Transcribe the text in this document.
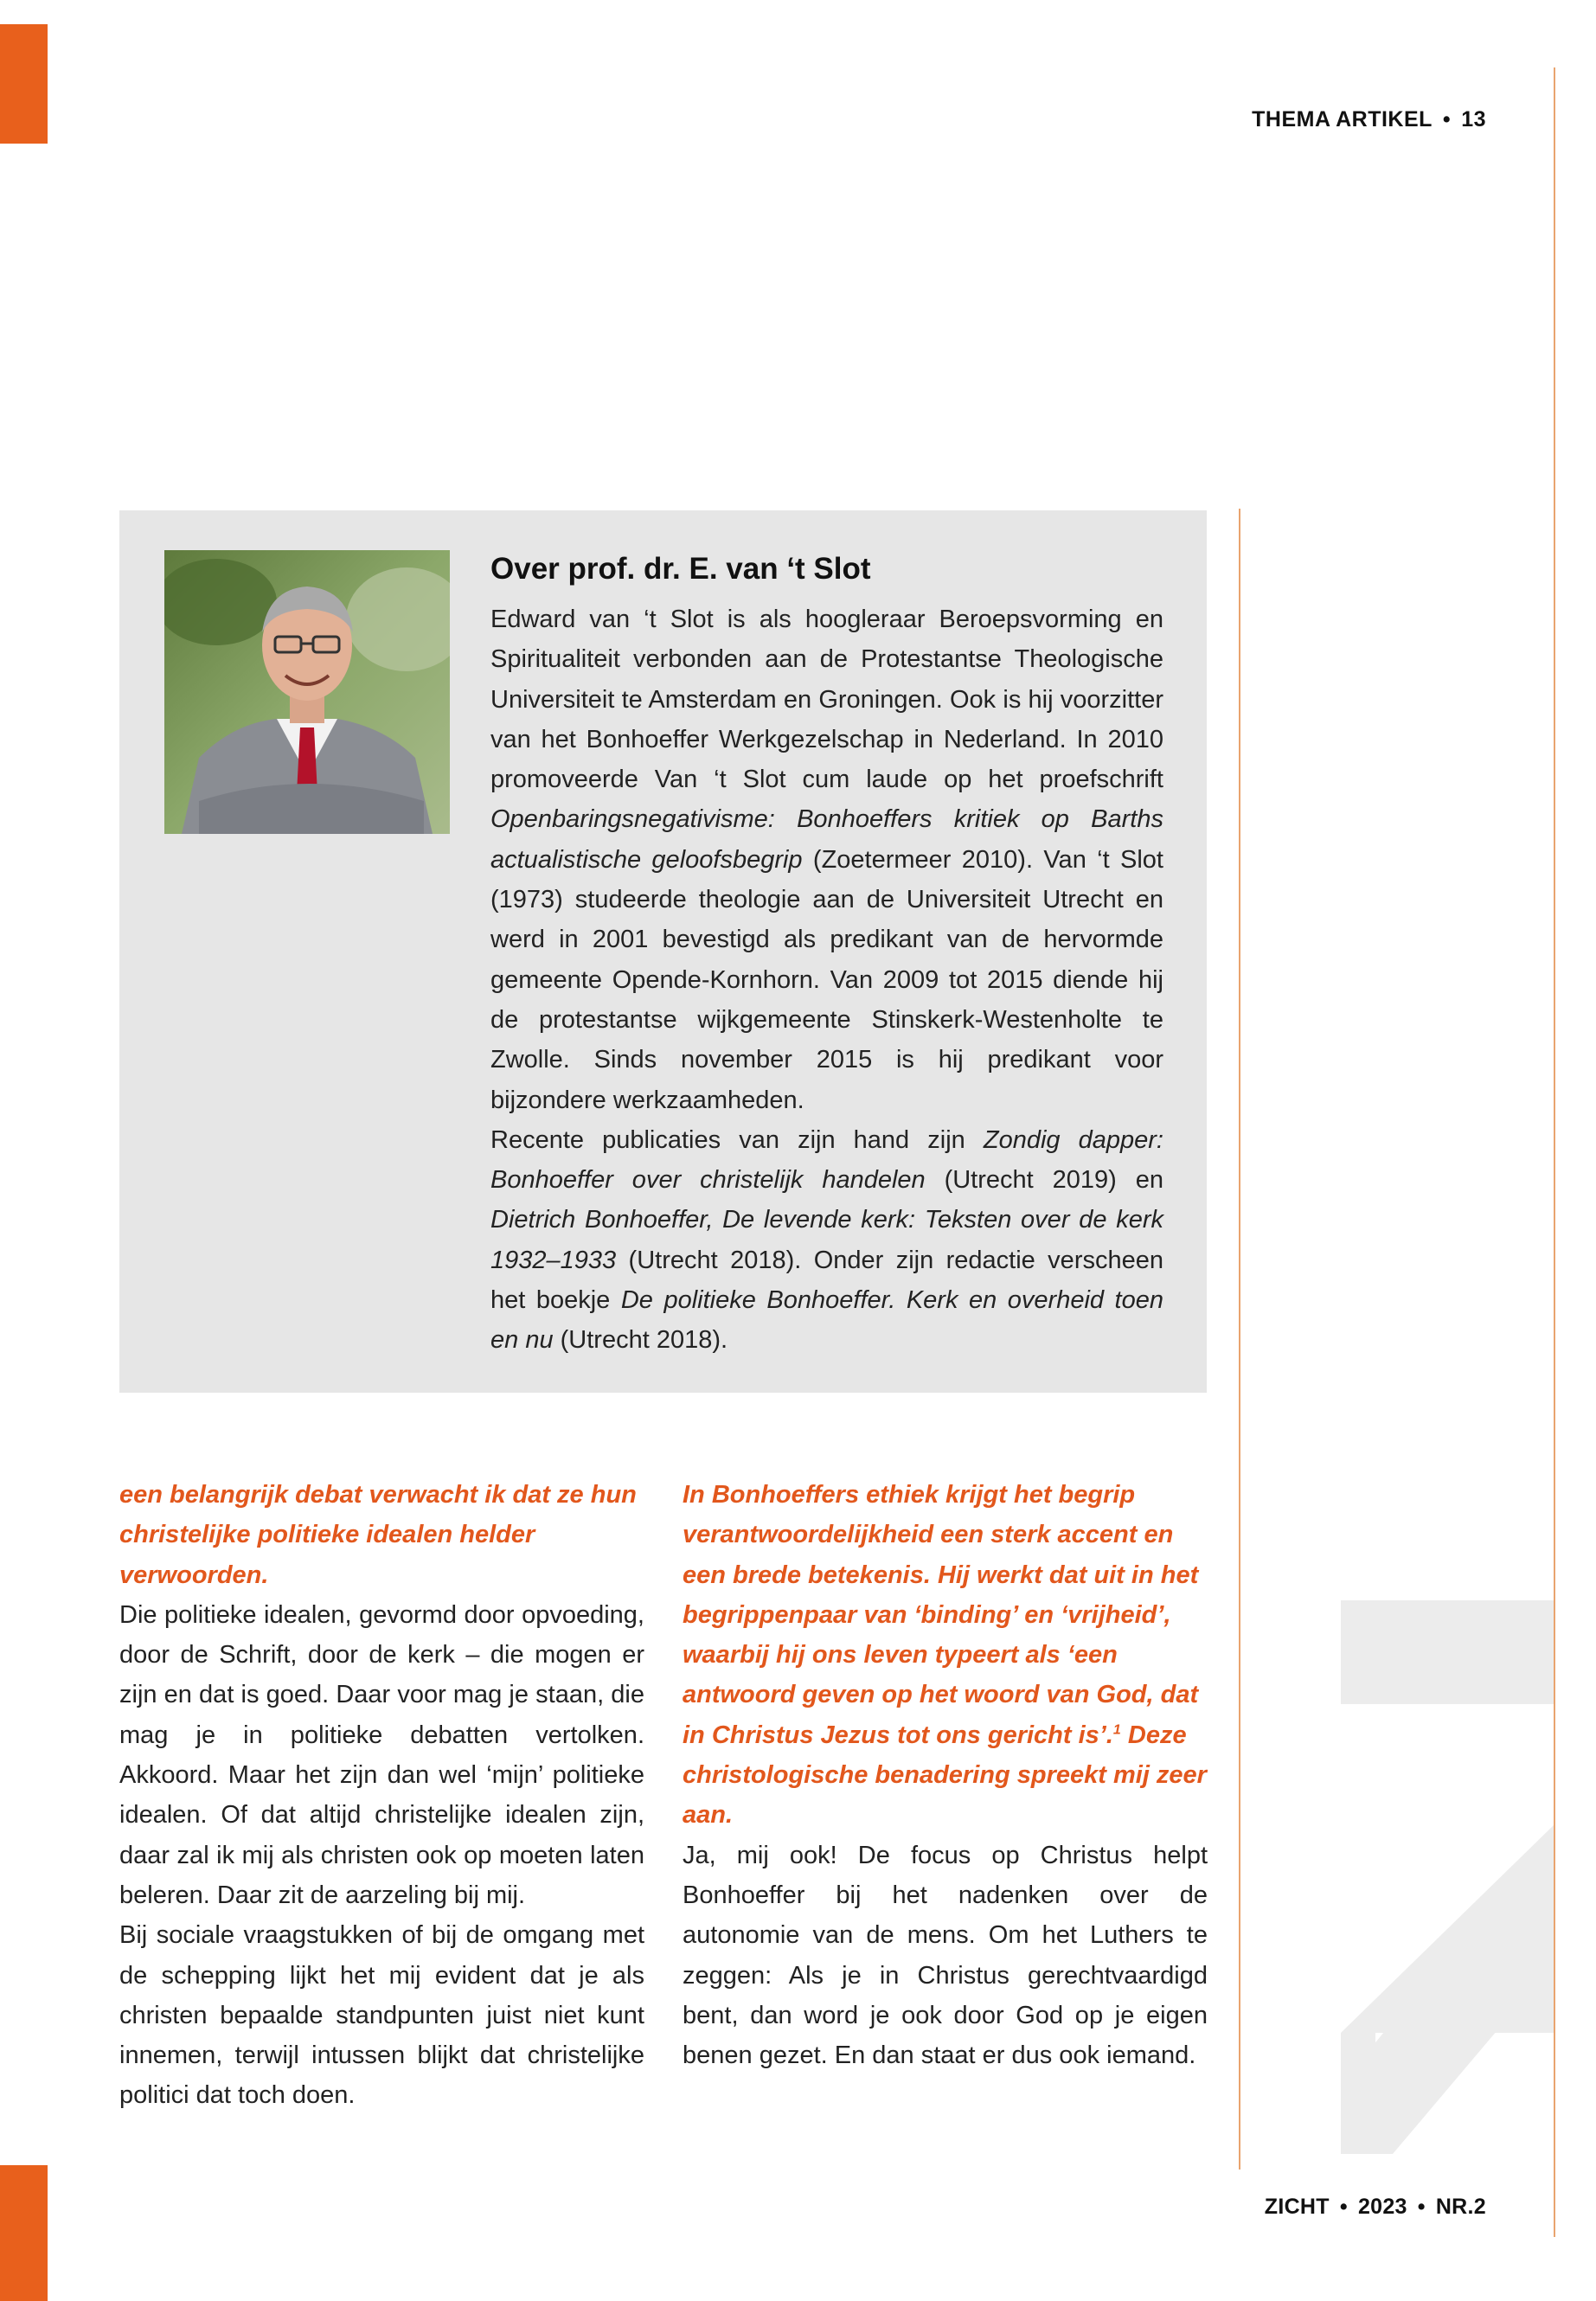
THEMA ARTIKEL • 13
Over prof. dr. E. van ‘t Slot

Edward van ‘t Slot is als hoogleraar Beroepsvorming en Spiritualiteit verbonden aan de Protestantse Theologische Universiteit te Amsterdam en Groningen. Ook is hij voorzitter van het Bonhoeffer Werkgezelschap in Nederland. In 2010 promoveerde Van ‘t Slot cum laude op het proefschrift Openbaringsnegativisme: Bonhoeffers kritiek op Barths actualistische geloofsbegrip (Zoetermeer 2010). Van ‘t Slot (1973) studeerde theologie aan de Universiteit Utrecht en werd in 2001 bevestigd als predikant van de hervormde gemeente Opende-Kornhorn. Van 2009 tot 2015 diende hij de protestantse wijkgemeente Stinskerk-Westenholte te Zwolle. Sinds november 2015 is hij predikant voor bijzondere werkzaamheden.

Recente publicaties van zijn hand zijn Zondig dapper: Bonhoeffer over christelijk handelen (Utrecht 2019) en Dietrich Bonhoeffer, De levende kerk: Teksten over de kerk 1932–1933 (Utrecht 2018). Onder zijn redactie verscheen het boekje De politieke Bonhoeffer. Kerk en overheid toen en nu (Utrecht 2018).

een belangrijk debat verwacht ik dat ze hun christelijke politieke idealen helder verwoorden.

Die politieke idealen, gevormd door opvoeding, door de Schrift, door de kerk – die mogen er zijn en dat is goed. Daar voor mag je staan, die mag je in politieke debatten vertolken. Akkoord. Maar het zijn dan wel ‘mijn’ politieke idealen. Of dat altijd christelijke idealen zijn, daar zal ik mij als christen ook op moeten laten beleren. Daar zit de aarzeling bij mij.

Bij sociale vraagstukken of bij de omgang met de schepping lijkt het mij evident dat je als christen bepaalde standpunten juist niet kunt innemen, terwijl intussen blijkt dat christelijke politici dat toch doen.

In Bonhoeffers ethiek krijgt het begrip verantwoordelijkheid een sterk accent en een brede betekenis. Hij werkt dat uit in het begrippenpaar van ‘binding’ en ‘vrijheid’, waarbij hij ons leven typeert als ‘een antwoord geven op het woord van God, dat in Christus Jezus tot ons gericht is’.$^1$ Deze christologische benadering spreekt mij zeer aan.

Ja, mij ook! De focus op Christus helpt Bonhoeffer bij het nadenken over de autonomie van de mens. Om het Luthers te zeggen: Als je in Christus gerechtvaardigd bent, dan word je ook door God op je eigen benen gezet. En dan staat er dus ook iemand.

ZICHT • 2023 • NR.2
